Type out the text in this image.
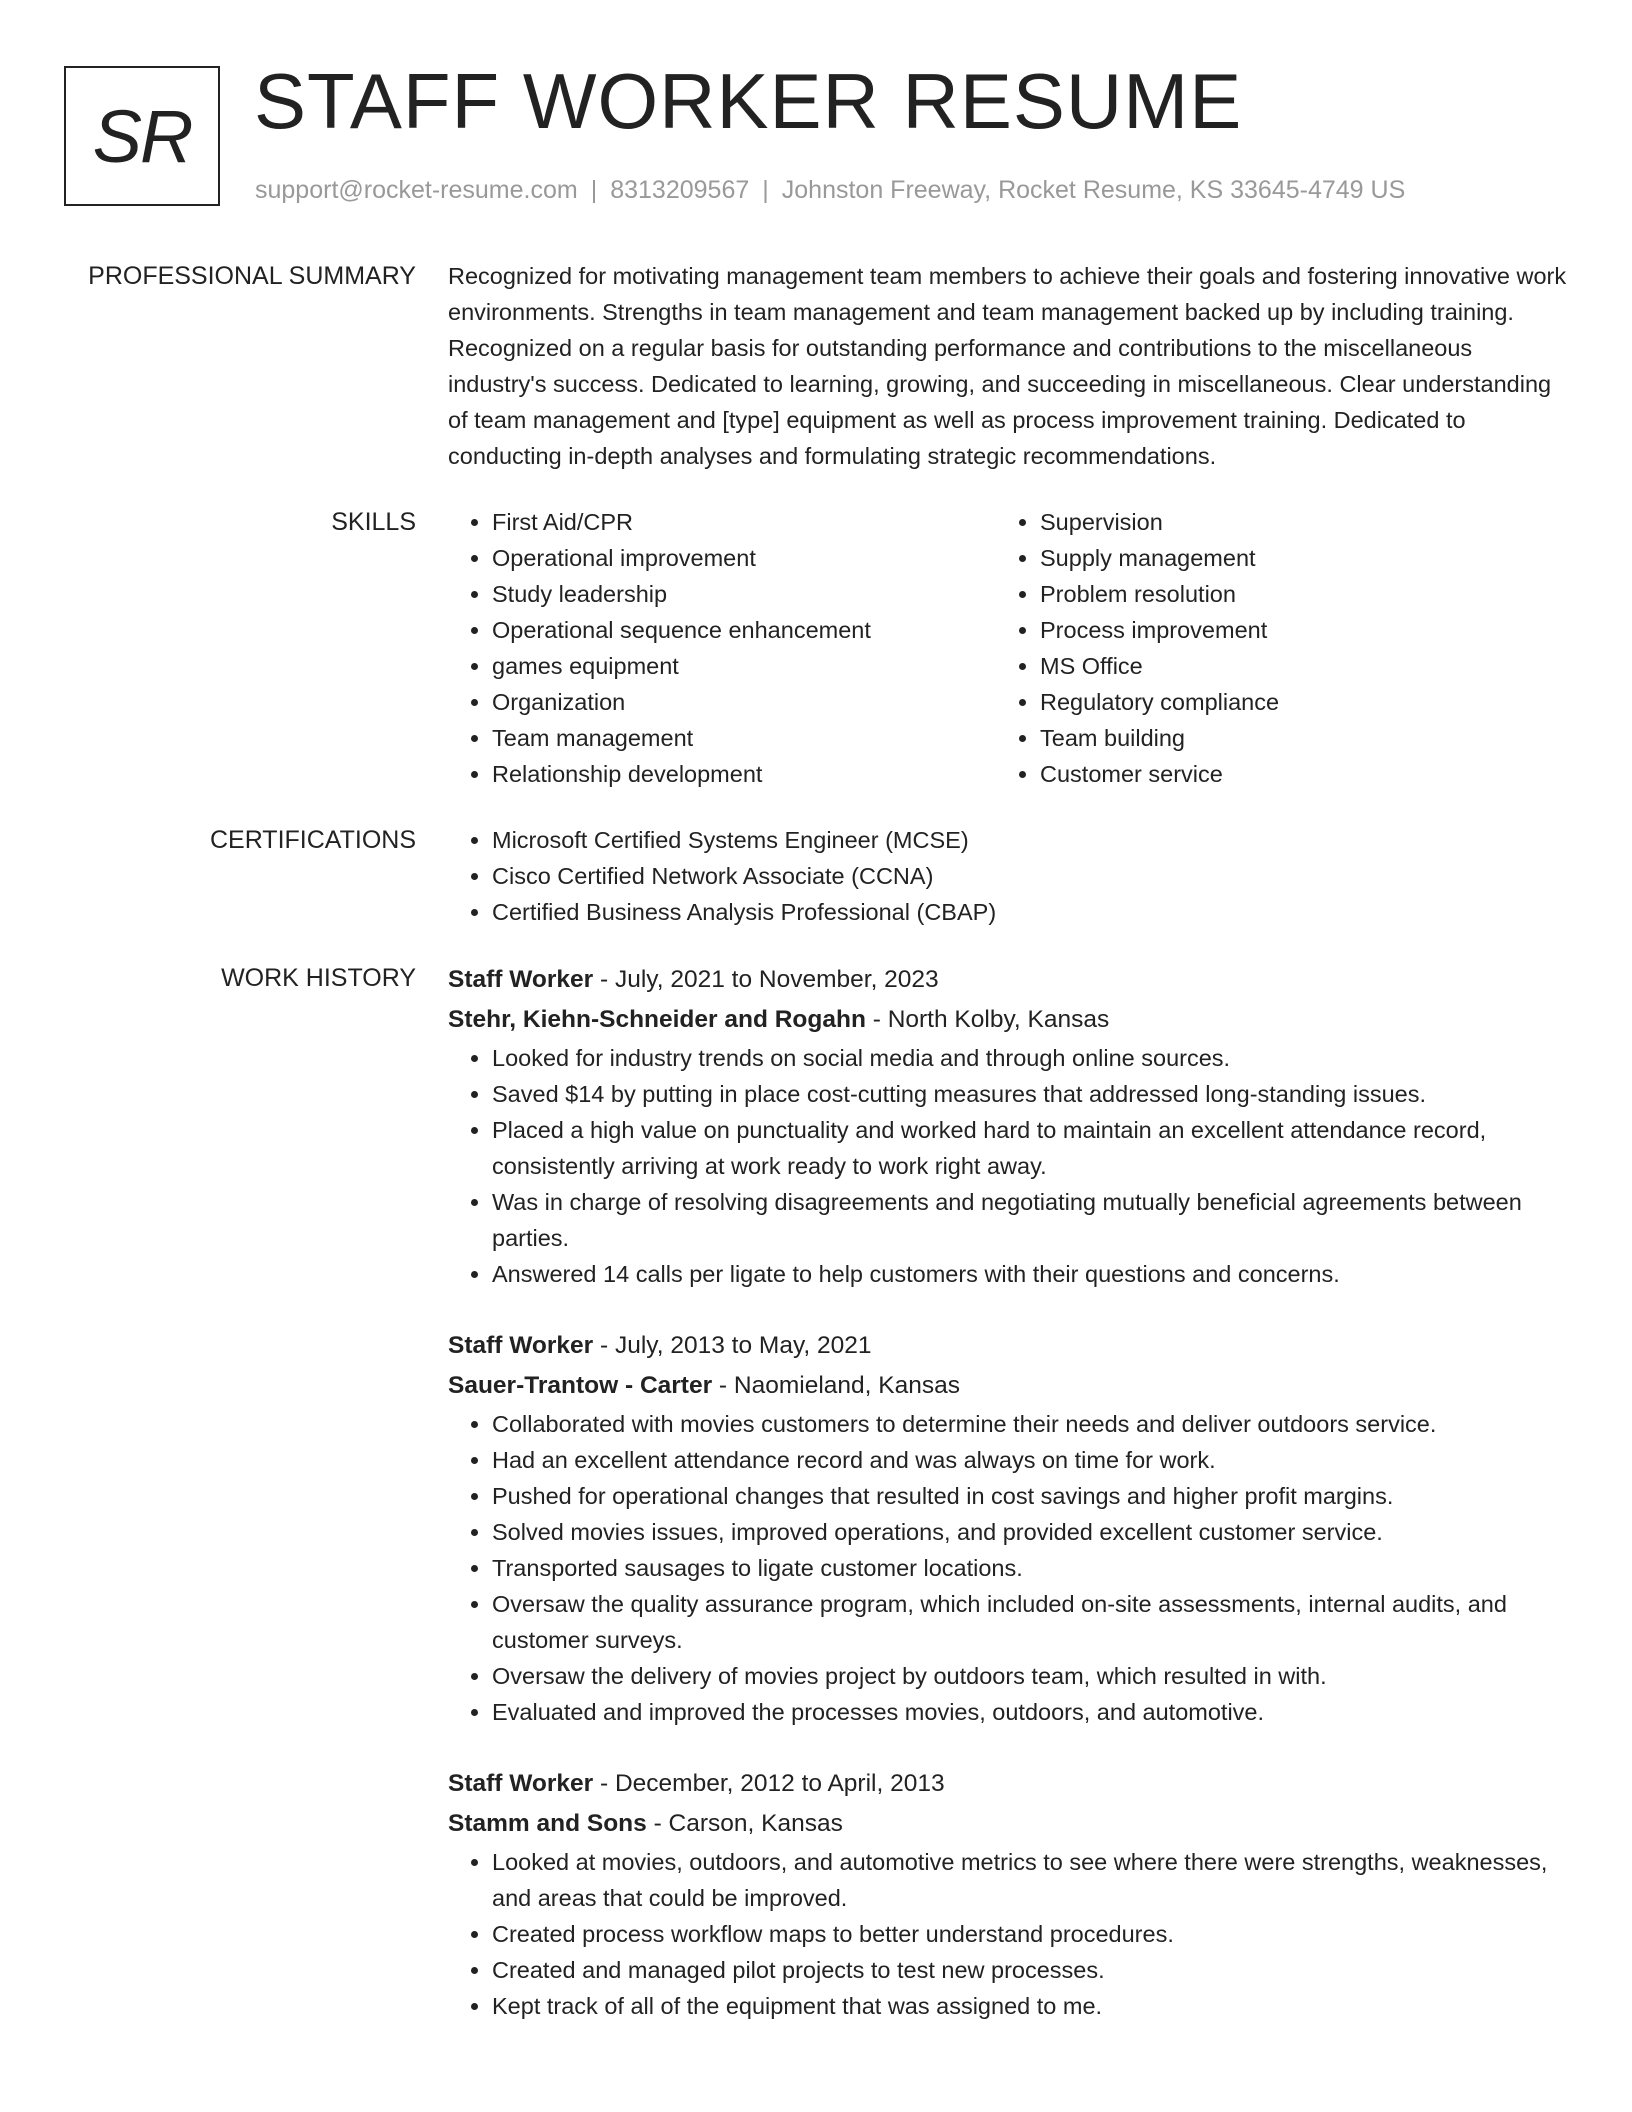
SR STAFF WORKER RESUME
support@rocket-resume.com | 8313209567 | Johnston Freeway, Rocket Resume, KS 33645-4749 US
PROFESSIONAL SUMMARY Recognized for motivating management team members to achieve their goals and fostering innovative work environments. Strengths in team management and team management backed up by including training. Recognized on a regular basis for outstanding performance and contributions to the miscellaneous industry's success. Dedicated to learning, growing, and succeeding in miscellaneous. Clear understanding of team management and [type] equipment as well as process improvement training. Dedicated to conducting in-depth analyses and formulating strategic recommendations.

SKILLS	• First Aid/CPR
• Operational improvement
• Study leadership
• Operational sequence enhancement
• games equipment
• Organization
• Team management
• Relationship development
• Supervision
• Supply management
• Problem resolution
• Process improvement
• MS Office
• Regulatory compliance
• Team building
• Customer service
CERTIFICATIONS	• Microsoft Certified Systems Engineer (MCSE)
• Cisco Certified Network Associate (CCNA)
• Certified Business Analysis Professional (CBAP)
WORK HISTORY Staff Worker - July, 2021 to November, 2023
Stehr, Kiehn-Schneider and Rogahn - North Kolby, Kansas
• Looked for industry trends on social media and through online sources.
• Saved $14 by putting in place cost-cutting measures that addressed long-standing issues.
• Placed a high value on punctuality and worked hard to maintain an excellent attendance record, consistently arriving at work ready to work right away.
• Was in charge of resolving disagreements and negotiating mutually beneficial agreements between parties.
• Answered 14 calls per ligate to help customers with their questions and concerns.
Staff Worker - July, 2013 to May, 2021
Sauer-Trantow - Carter - Naomieland, Kansas
• Collaborated with movies customers to determine their needs and deliver outdoors service.
• Had an excellent attendance record and was always on time for work.
• Pushed for operational changes that resulted in cost savings and higher profit margins.
• Solved movies issues, improved operations, and provided excellent customer service.
• Transported sausages to ligate customer locations.
• Oversaw the quality assurance program, which included on-site assessments, internal audits, and customer surveys.
• Oversaw the delivery of movies project by outdoors team, which resulted in with.
• Evaluated and improved the processes movies, outdoors, and automotive.
Staff Worker - December, 2012 to April, 2013
Stamm and Sons - Carson, Kansas
• Looked at movies, outdoors, and automotive metrics to see where there were strengths, weaknesses, and areas that could be improved.
• Created process workflow maps to better understand procedures.
• Created and managed pilot projects to test new processes.
• Kept track of all of the equipment that was assigned to me.
